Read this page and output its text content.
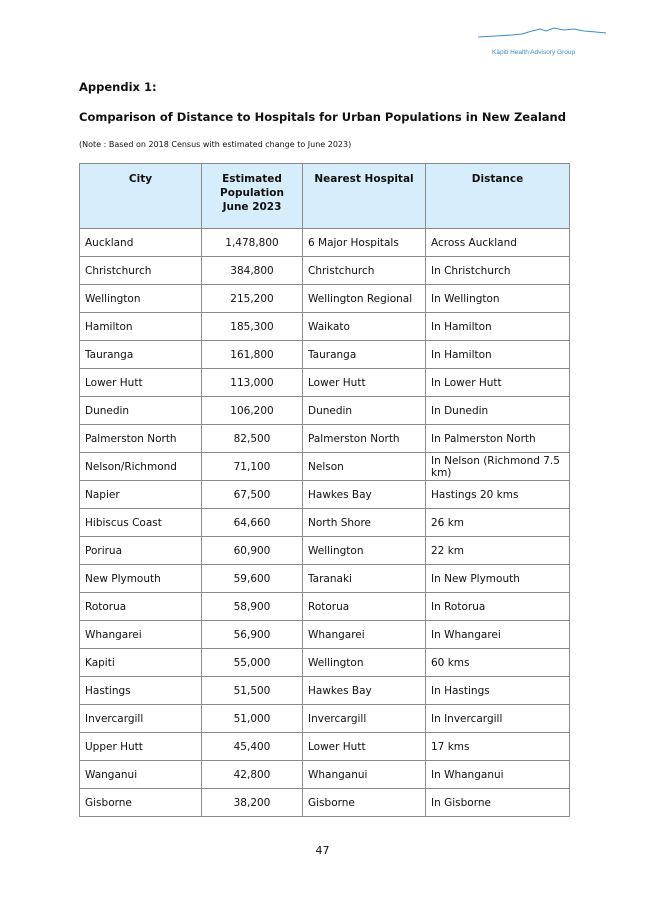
Kāpiti Health Advisory Group
Appendix 1:
Comparison of Distance to Hospitals for Urban Populations in New Zealand
(Note : Based on 2018 Census with estimated change to June 2023)
City	Estimated Population June 2023	Nearest Hospital	Distance
Auckland	1,478,800	6 Major Hospitals	Across Auckland
Christchurch	384,800	Christchurch	In Christchurch
Wellington	215,200	Wellington Regional	In Wellington
Hamilton	185,300	Waikato	In Hamilton
Tauranga	161,800	Tauranga	In Hamilton
Lower Hutt	113,000	Lower Hutt	In Lower Hutt
Dunedin	106,200	Dunedin	In Dunedin
Palmerston North	82,500	Palmerston North	In Palmerston North
Nelson/Richmond	71,100	Nelson	In Nelson (Richmond 7.5 km)
Napier	67,500	Hawkes Bay	Hastings 20 kms
Hibiscus Coast	64,660	North Shore	26 km
Porirua	60,900	Wellington	22 km
New Plymouth	59,600	Taranaki	In New Plymouth
Rotorua	58,900	Rotorua	In Rotorua
Whangarei	56,900	Whangarei	In Whangarei
Kapiti	55,000	Wellington	60 kms
Hastings	51,500	Hawkes Bay	In Hastings
Invercargill	51,000	Invercargill	In Invercargill
Upper Hutt	45,400	Lower Hutt	17 kms
Wanganui	42,800	Whanganui	In Whanganui
Gisborne	38,200	Gisborne	In Gisborne
47
